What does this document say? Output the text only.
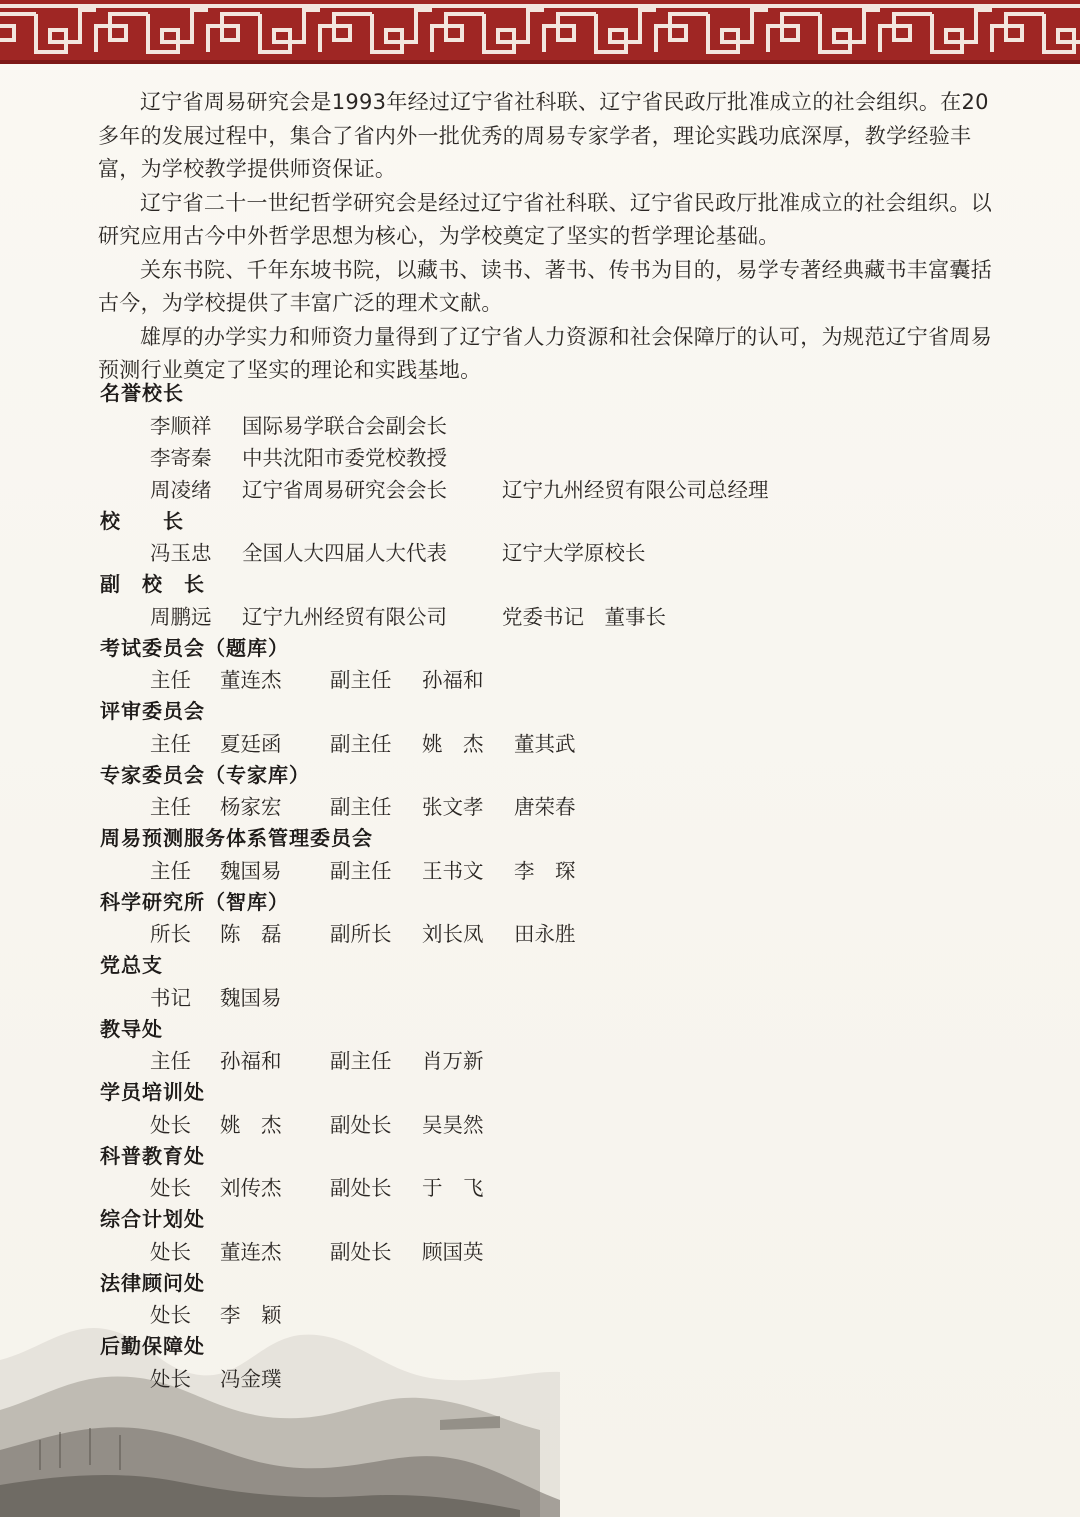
辽宁省周易研究会是1993年经过辽宁省社科联、辽宁省民政厅批准成立的社会组织。在20多年的发展过程中，集合了省内外一批优秀的周易专家学者，理论实践功底深厚，教学经验丰富，为学校教学提供师资保证。

辽宁省二十一世纪哲学研究会是经过辽宁省社科联、辽宁省民政厅批准成立的社会组织。以研究应用古今中外哲学思想为核心，为学校奠定了坚实的哲学理论基础。

关东书院、千年东坡书院，以藏书、读书、著书、传书为目的，易学专著经典藏书丰富囊括古今，为学校提供了丰富广泛的理术文献。

雄厚的办学实力和师资力量得到了辽宁省人力资源和社会保障厅的认可，为规范辽宁省周易预测行业奠定了坚实的理论和实践基地。

名誉校长
李顺祥 国际易学联合会副会长
李寄秦 中共沈阳市委党校教授
周凌绪 辽宁省周易研究会会长	辽宁九州经贸有限公司总经理
校　　长
冯玉忠 全国人大四届人大代表	辽宁大学原校长
副　校　长
周鹏远 辽宁九州经贸有限公司	党委书记　董事长
考试委员会（题库）
主任 董连杰 副主任 孙福和
评审委员会
主任 夏廷函 副主任 姚　杰 董其武
专家委员会（专家库）
主任 杨家宏 副主任 张文孝 唐荣春
周易预测服务体系管理委员会
主任 魏国易 副主任 王书文 李　琛
科学研究所（智库）
所长 陈　磊 副所长 刘长凤 田永胜
党总支
书记 魏国易
教导处
主任 孙福和 副主任 肖万新
学员培训处
处长 姚　杰 副处长 吴昊然
科普教育处
处长 刘传杰 副处长 于　飞
综合计划处
处长 董连杰 副处长 顾国英
法律顾问处
处长 李　颖
后勤保障处
处长 冯金璞
